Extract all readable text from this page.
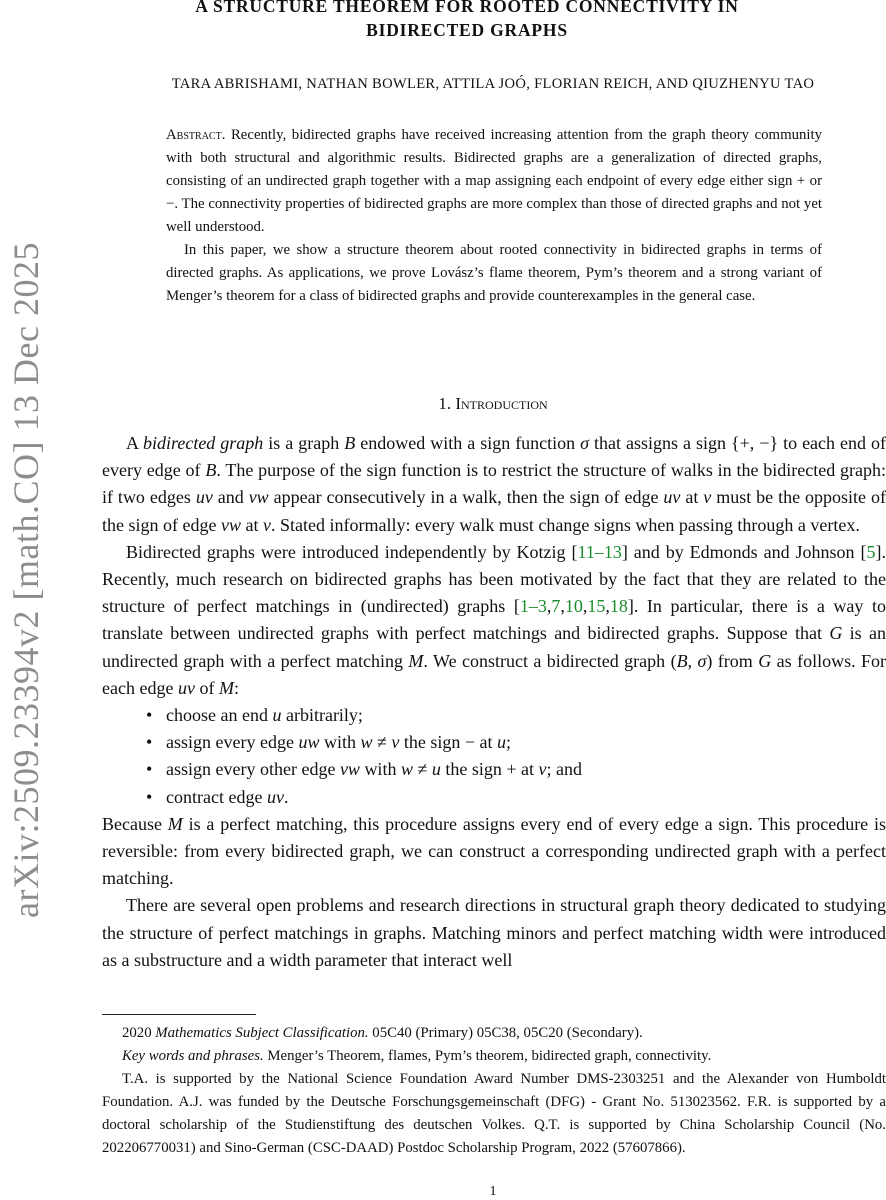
arXiv:2509.23394v2 [math.CO] 13 Dec 2025
A STRUCTURE THEOREM FOR ROOTED CONNECTIVITY IN BIDIRECTED GRAPHS
TARA ABRISHAMI, NATHAN BOWLER, ATTILA JOÓ, FLORIAN REICH, AND QIUZHENYU TAO

Abstract. Recently, bidirected graphs have received increasing attention from the graph theory community with both structural and algorithmic results. Bidirected graphs are a generalization of directed graphs, consisting of an undirected graph together with a map assigning each endpoint of every edge either sign + or −. The connectivity properties of bidirected graphs are more complex than those of directed graphs and not yet well understood.

In this paper, we show a structure theorem about rooted connectivity in bidirected graphs in terms of directed graphs. As applications, we prove Lovász’s flame theorem, Pym’s theorem and a strong variant of Menger’s theorem for a class of bidirected graphs and provide counterexamples in the general case.

1. Introduction

A bidirected graph is a graph B endowed with a sign function σ that assigns a sign {+, −} to each end of every edge of B. The purpose of the sign function is to restrict the structure of walks in the bidirected graph: if two edges uv and vw appear consecutively in a walk, then the sign of edge uv at v must be the opposite of the sign of edge vw at v. Stated informally: every walk must change signs when passing through a vertex.

Bidirected graphs were introduced independently by Kotzig [11–13] and by Edmonds and Johnson [5]. Recently, much research on bidirected graphs has been motivated by the fact that they are related to the structure of perfect matchings in (undirected) graphs [1–3,7,10,15,18]. In particular, there is a way to translate between undirected graphs with perfect matchings and bidirected graphs. Suppose that G is an undirected graph with a perfect matching M. We construct a bidirected graph (B, σ) from G as follows. For each edge uv of M:

• choose an end u arbitrarily;
• assign every edge uw with w ≠ v the sign − at u;
• assign every other edge vw with w ≠ u the sign + at v; and
• contract edge uv.

Because M is a perfect matching, this procedure assigns every end of every edge a sign. This procedure is reversible: from every bidirected graph, we can construct a corresponding undirected graph with a perfect matching.

There are several open problems and research directions in structural graph theory dedicated to studying the structure of perfect matchings in graphs. Matching minors and perfect matching width were introduced as a substructure and a width parameter that interact well

2020 Mathematics Subject Classification. 05C40 (Primary) 05C38, 05C20 (Secondary).

Key words and phrases. Menger’s Theorem, flames, Pym’s theorem, bidirected graph, connectivity.

T.A. is supported by the National Science Foundation Award Number DMS-2303251 and the Alexander von Humboldt Foundation. A.J. was funded by the Deutsche Forschungsgemeinschaft (DFG) - Grant No. 513023562. F.R. is supported by a doctoral scholarship of the Studienstiftung des deutschen Volkes. Q.T. is supported by China Scholarship Council (No. 202206770031) and Sino-German (CSC-DAAD) Postdoc Scholarship Program, 2022 (57607866).

1
